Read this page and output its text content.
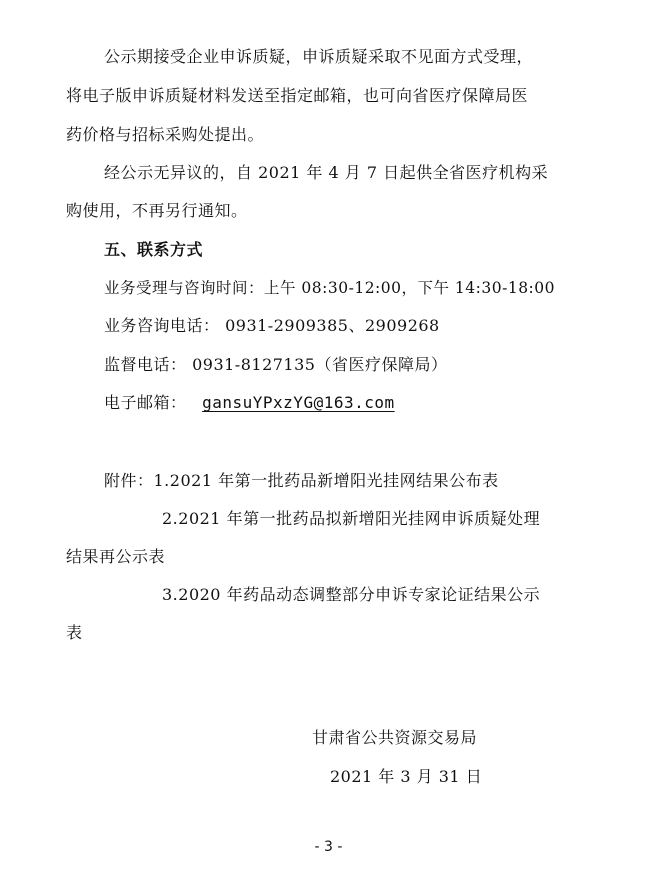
公示期接受企业申诉质疑，申诉质疑采取不见面方式受理，
将电子版申诉质疑材料发送至指定邮箱，也可向省医疗保障局医
药价格与招标采购处提出。
经公示无异议的，自 2021 年 4 月 7 日起供全省医疗机构采
购使用，不再另行通知。
五、联系方式
业务受理与咨询时间：上午 08:30-12:00，下午 14:30-18:00
业务咨询电话： 0931-2909385、2909268
监督电话： 0931-8127135（省医疗保障局）
电子邮箱： gansuYPxzYG@163.com
附件：1.2021 年第一批药品新增阳光挂网结果公布表
2.2021 年第一批药品拟新增阳光挂网申诉质疑处理
结果再公示表
3.2020 年药品动态调整部分申诉专家论证结果公示
表
甘肃省公共资源交易局
2021 年 3 月 31 日
- 3 -
